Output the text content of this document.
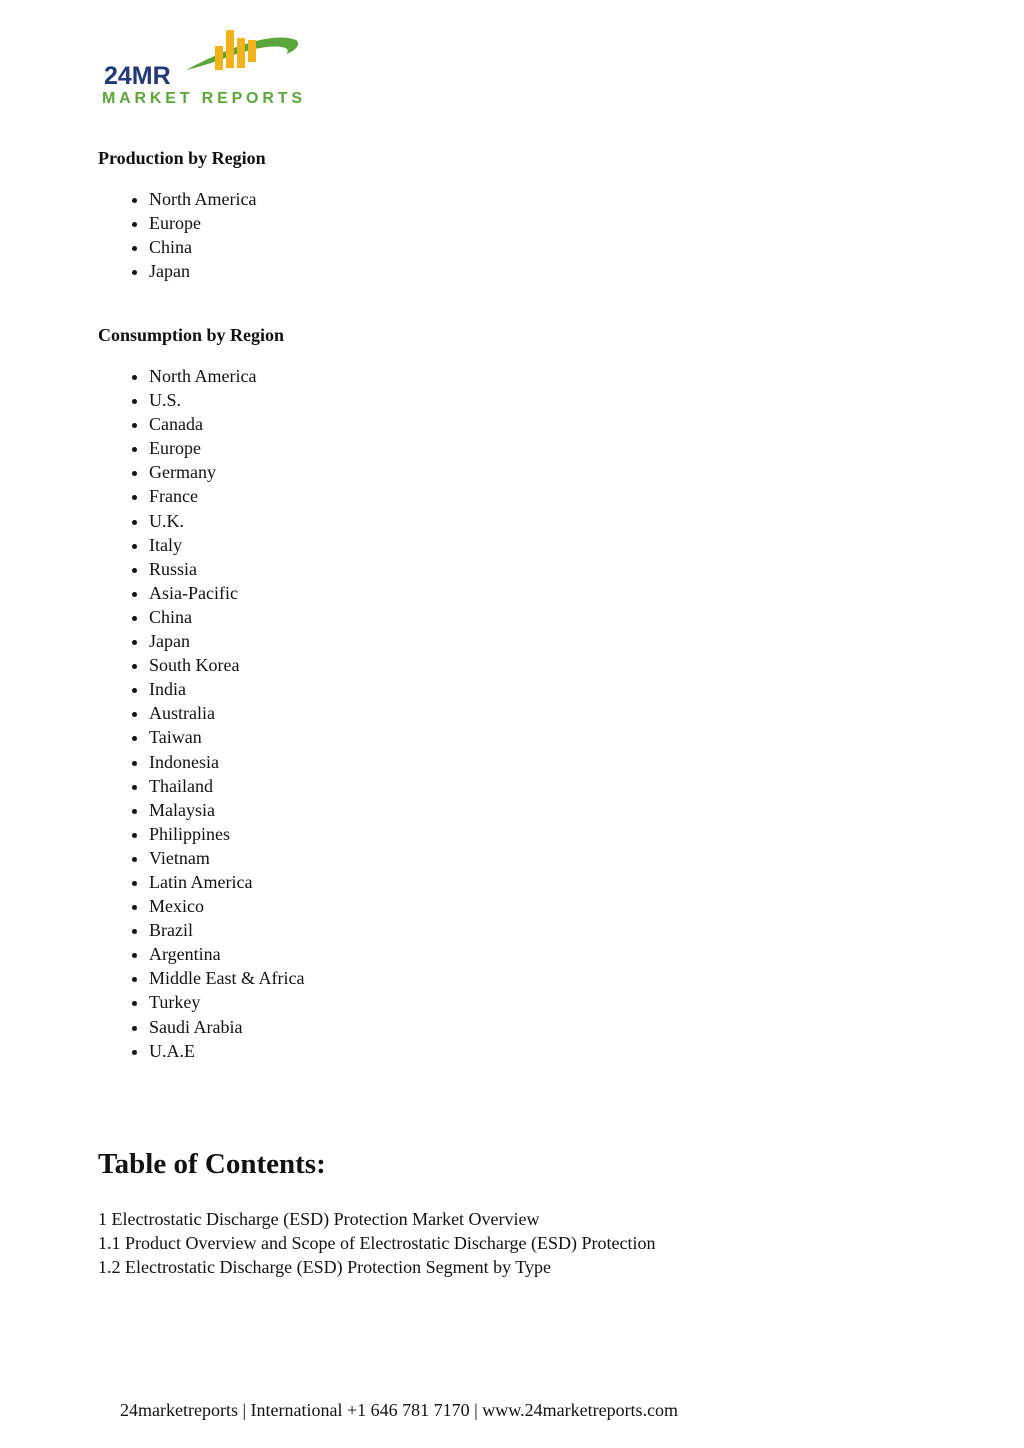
24MR
MARKET REPORTS
Production by Region
• North America
• Europe
• China
• Japan
Consumption by Region
• North America
• U.S.
• Canada
• Europe
• Germany
• France
• U.K.
• Italy
• Russia
• Asia-Pacific
• China
• Japan
• South Korea
• India
• Australia
• Taiwan
• Indonesia
• Thailand
• Malaysia
• Philippines
• Vietnam
• Latin America
• Mexico
• Brazil
• Argentina
• Middle East & Africa
• Turkey
• Saudi Arabia
• U.A.E
Table of Contents:
1 Electrostatic Discharge (ESD) Protection Market Overview
1.1 Product Overview and Scope of Electrostatic Discharge (ESD) Protection
1.2 Electrostatic Discharge (ESD) Protection Segment by Type
24marketreports | International +1 646 781 7170 | www.24marketreports.com
